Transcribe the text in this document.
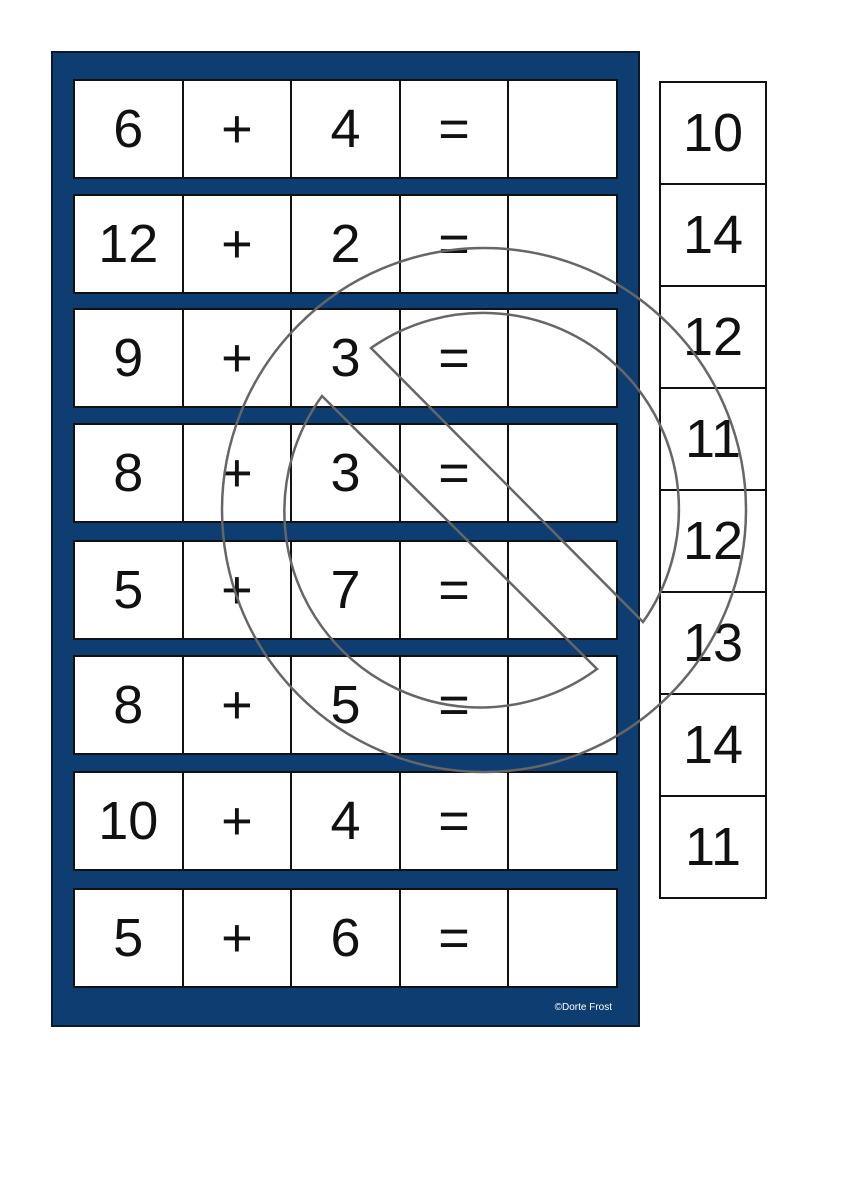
6	+	4	=
12	+	2	=
9	+	3	=
8	+	3	=
5	+	7	=
8	+	5	=
10	+	4	=
5	+	6	=
©Dorte Frost
10
14
12
11
12
13
14
11
